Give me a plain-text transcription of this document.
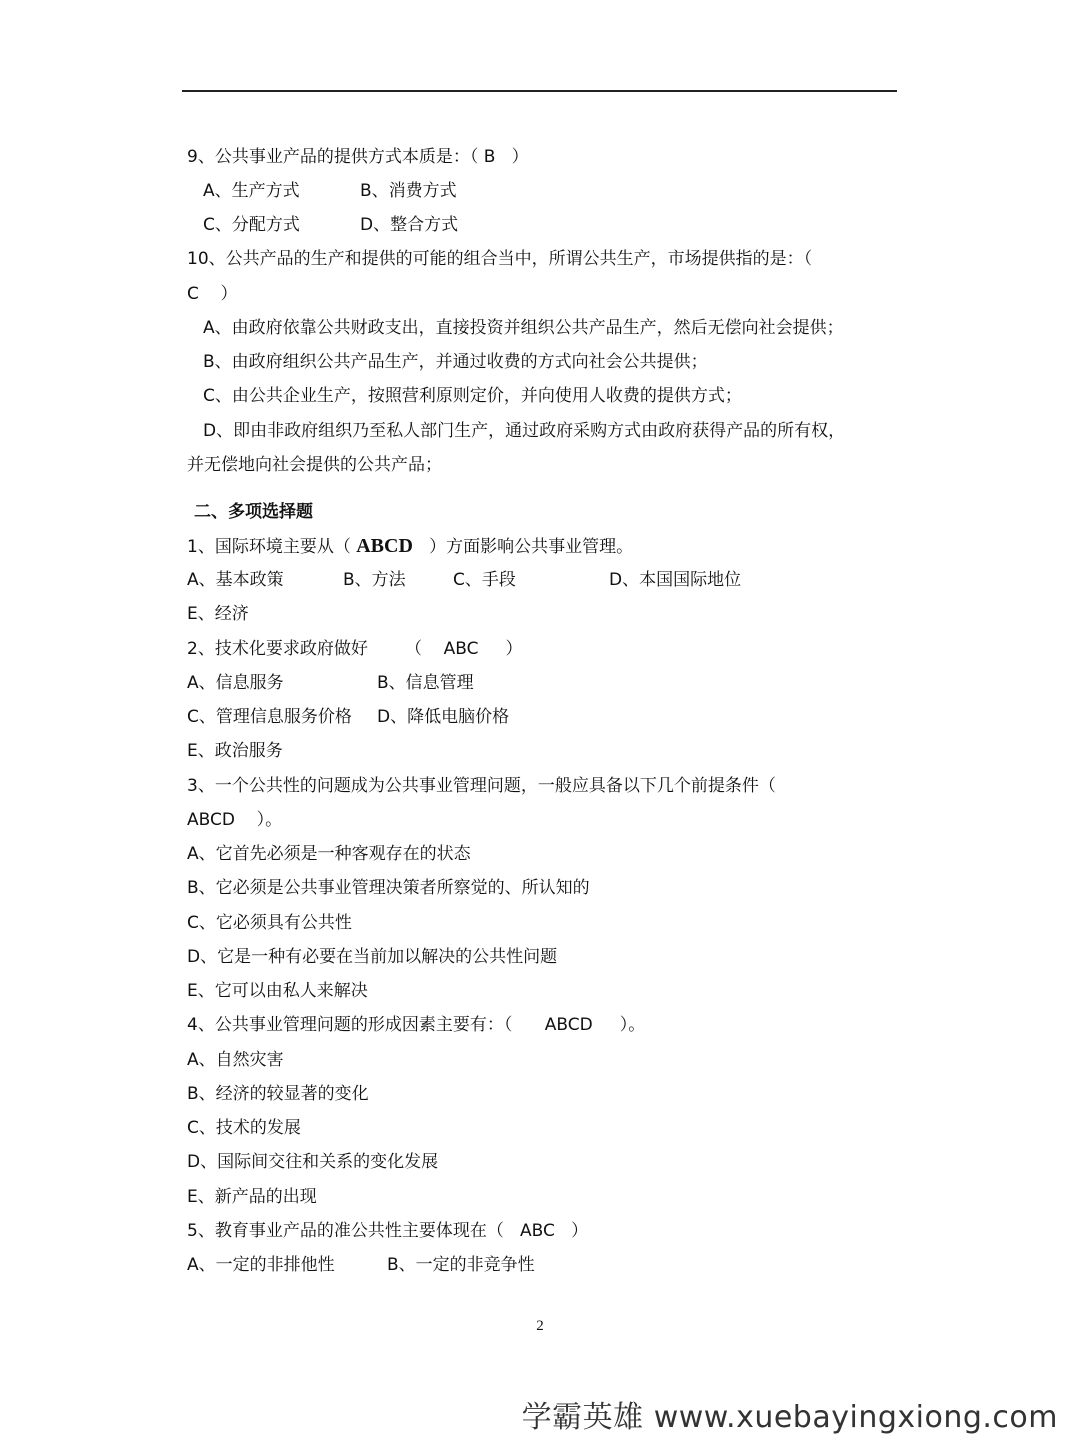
9、公共事业产品的提供方式本质是：（ B   ）
A、生产方式	B、消费方式
C、分配方式	D、整合方式
10、公共产品的生产和提供的可能的组合当中，所谓公共生产，市场提供指的是：（
C    ）
A、由政府依靠公共财政支出，直接投资并组织公共产品生产，然后无偿向社会提供；
B、由政府组织公共产品生产，并通过收费的方式向社会公共提供；
C、由公共企业生产，按照营利原则定价，并向使用人收费的提供方式；
D、即由非政府组织乃至私人部门生产，通过政府采购方式由政府获得产品的所有权，
并无偿地向社会提供的公共产品；
二、多项选择题
1、国际环境主要从（ ABCD   ）方面影响公共事业管理。
A、基本政策	B、方法	C、手段	D、本国国际地位
E、经济
2、技术化要求政府做好 （    ABC     ）
A、信息服务	B、信息管理
C、管理信息服务价格 D、降低电脑价格
E、政治服务
3、一个公共性的问题成为公共事业管理问题，一般应具备以下几个前提条件（
ABCD    ）。
A、它首先必须是一种客观存在的状态
B、它必须是公共事业管理决策者所察觉的、所认知的
C、它必须具有公共性
D、它是一种有必要在当前加以解决的公共性问题
E、它可以由私人来解决
4、公共事业管理问题的形成因素主要有：（      ABCD     ）。
A、自然灾害
B、经济的较显著的变化
C、技术的发展
D、国际间交往和关系的变化发展
E、新产品的出现
5、教育事业产品的准公共性主要体现在（   ABC   ）
A、一定的非排他性	B、一定的非竞争性
2
学霸英雄 www.xuebayingxiong.com
